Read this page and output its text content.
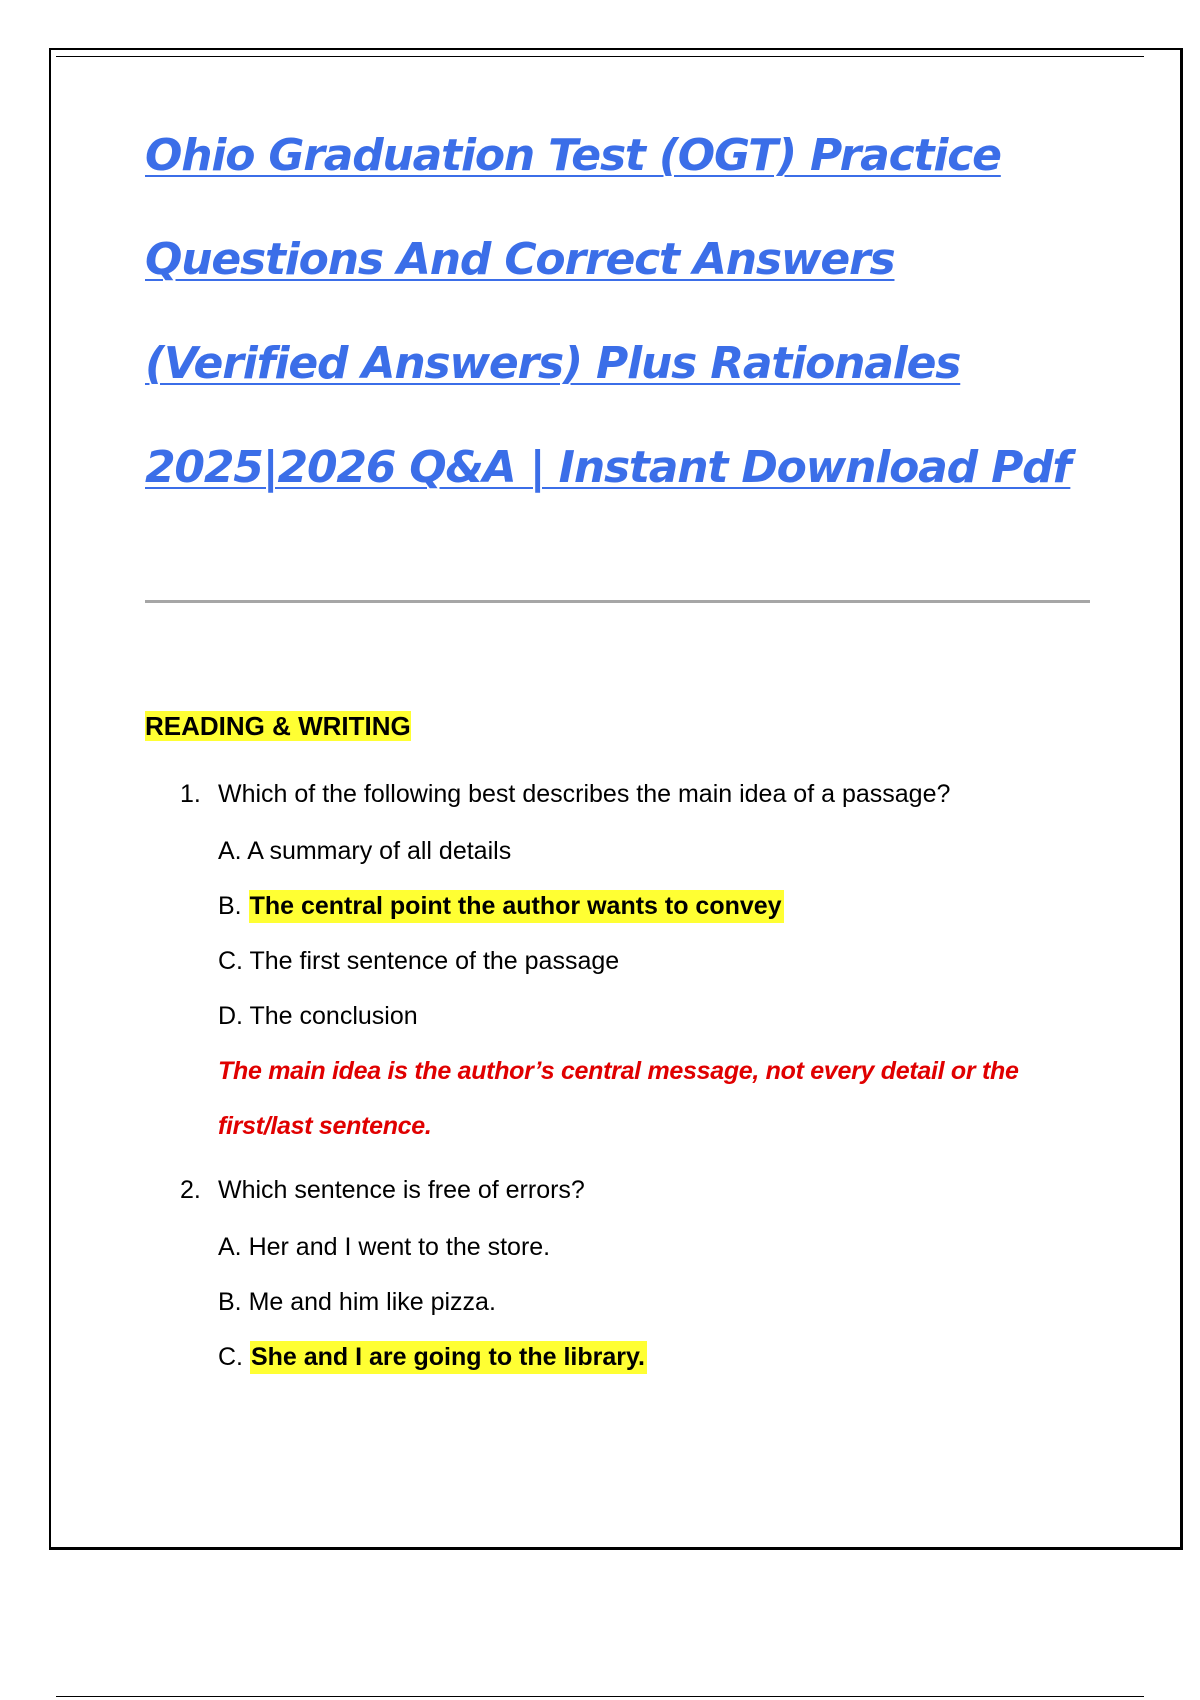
Ohio Graduation Test (OGT) Practice
Questions And Correct Answers
(Verified Answers) Plus Rationales
2025|2026 Q&A | Instant Download Pdf
READING & WRITING
1. Which of the following best describes the main idea of a passage?
A. A summary of all details
B. The central point the author wants to convey
C. The first sentence of the passage
D. The conclusion

The main idea is the author’s central message, not every detail or the first/last sentence.

2. Which sentence is free of errors?
A. Her and I went to the store.
B. Me and him like pizza.
C. She and I are going to the library.
